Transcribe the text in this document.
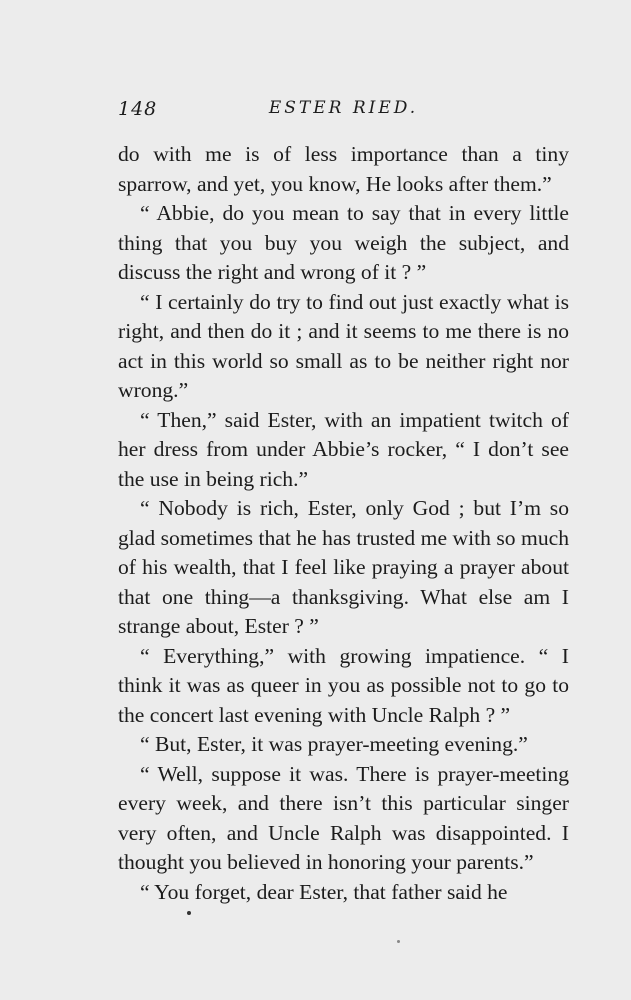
148	ESTER RIED.

do with me is of less importance than a tiny sparrow, and yet, you know, He looks after them.”

“ Abbie, do you mean to say that in every little thing that you buy you weigh the subject, and discuss the right and wrong of it ? ”

“ I certainly do try to find out just exactly what is right, and then do it ; and it seems to me there is no act in this world so small as to be neither right nor wrong.”

“ Then,” said Ester, with an impatient twitch of her dress from under Abbie’s rocker, “ I don’t see the use in being rich.”

“ Nobody is rich, Ester, only God ; but I’m so glad sometimes that he has trusted me with so much of his wealth, that I feel like praying a prayer about that one thing—a thanksgiving. What else am I strange about, Ester ? ”

“ Everything,” with growing impatience. “ I think it was as queer in you as possible not to go to the concert last evening with Uncle Ralph ? ”

“ But, Ester, it was prayer-meeting evening.”

“ Well, suppose it was. There is prayer-meeting every week, and there isn’t this particular singer very often, and Uncle Ralph was disappointed. I thought you believed in honoring your parents.”

“ You forget, dear Ester, that father said he
